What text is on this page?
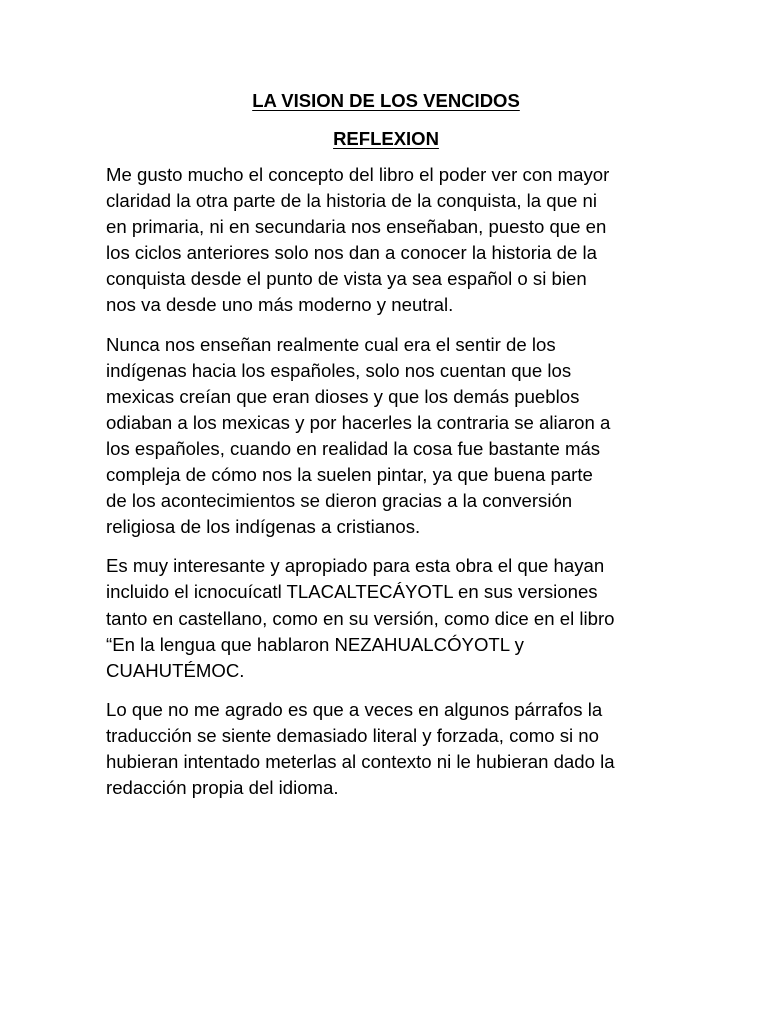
LA VISION DE LOS VENCIDOS
REFLEXION

Me gusto mucho el concepto del libro el poder ver con mayor
claridad la otra parte de la historia de la conquista, la que ni
en primaria, ni en secundaria nos enseñaban, puesto que en
los ciclos anteriores solo nos dan a conocer la historia de la
conquista desde el punto de vista ya sea español o si bien
nos va desde uno más moderno y neutral.

Nunca nos enseñan realmente cual era el sentir de los
indígenas hacia los españoles, solo nos cuentan que los
mexicas creían que eran dioses y que los demás pueblos
odiaban a los mexicas y por hacerles la contraria se aliaron a
los españoles, cuando en realidad la cosa fue bastante más
compleja de cómo nos la suelen pintar, ya que buena parte
de los acontecimientos se dieron gracias a la conversión
religiosa de los indígenas a cristianos.

Es muy interesante y apropiado para esta obra el que hayan
incluido el icnocuícatl TLACALTECÁYOTL en sus versiones
tanto en castellano, como en su versión, como dice en el libro
“En la lengua que hablaron NEZAHUALCÓYOTL y
CUAHUTÉMOC.

Lo que no me agrado es que a veces en algunos párrafos la
traducción se siente demasiado literal y forzada, como si no
hubieran intentado meterlas al contexto ni le hubieran dado la
redacción propia del idioma.
